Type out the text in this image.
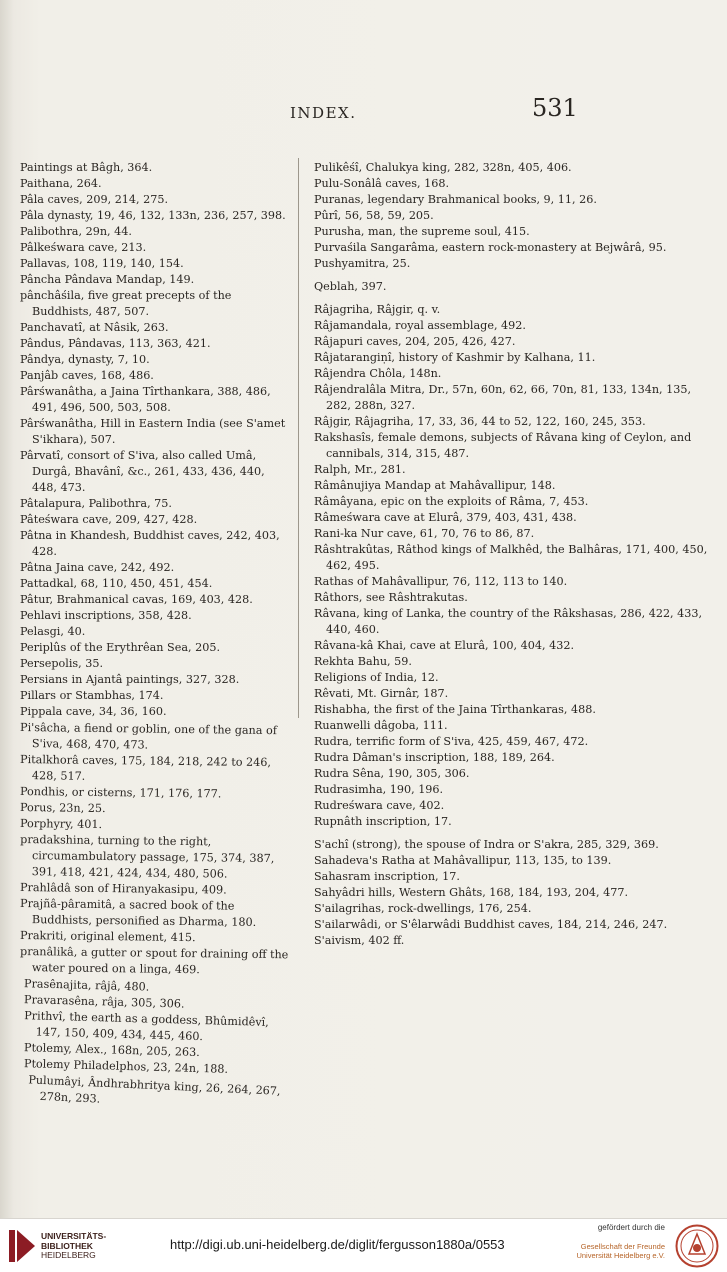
INDEX.	531

Paintings at Bâgh, 364.

Paithana, 264.

Pâla caves, 209, 214, 275.

Pâla dynasty, 19, 46, 132, 133n, 236, 257, 398.

Palibothra, 29n, 44.

Pâlkeśwara cave, 213.

Pallavas, 108, 119, 140, 154.

Pâncha Pândava Mandap, 149.

pânchâśila, five great precepts of the Buddhists, 487, 507.

Panchavatî, at Nâsik, 263.

Pândus, Pândavas, 113, 363, 421.

Pândya, dynasty, 7, 10.

Panjâb caves, 168, 486.

Pârśwanâtha, a Jaina Tîrthankara, 388, 486, 491, 496, 500, 503, 508.

Pârśwanâtha, Hill in Eastern India (see S'amet S'ikhara), 507.

Pârvatî, consort of S'iva, also called Umâ, Durgâ, Bhavânî, &c., 261, 433, 436, 440, 448, 473.

Pâtalapura, Palibothra, 75.

Pâteśwara cave, 209, 427, 428.

Pâtna in Khandesh, Buddhist caves, 242, 403, 428.

Pâtna Jaina cave, 242, 492.

Pattadkal, 68, 110, 450, 451, 454.

Pâtur, Brahmanical cavas, 169, 403, 428.

Pehlavi inscriptions, 358, 428.

Pelasgi, 40.

Periplûs of the Erythrêan Sea, 205.

Persepolis, 35.

Persians in Ajantâ paintings, 327, 328.

Pillars or Stambhas, 174.

Pippala cave, 34, 36, 160.

Pi'sâcha, a fiend or goblin, one of the gana of S'iva, 468, 470, 473.

Pitalkhorâ caves, 175, 184, 218, 242 to 246, 428, 517.

Pondhis, or cisterns, 171, 176, 177.

Porus, 23n, 25.

Porphyry, 401.

pradakshina, turning to the right, circumambulatory passage, 175, 374, 387, 391, 418, 421, 424, 434, 480, 506.

Prahlâdâ son of Hiranyakasipu, 409.

Prajñâ-pâramitâ, a sacred book of the Buddhists, personified as Dharma, 180.

Prakriti, original element, 415.

pranâlikâ, a gutter or spout for draining off the water poured on a linga, 469.

Prasênajita, râjâ, 480.

Pravarasêna, râja, 305, 306.

Prithvî, the earth as a goddess, Bhûmidêvî, 147, 150, 409, 434, 445, 460.

Ptolemy, Alex., 168n, 205, 263.

Ptolemy Philadelphos, 23, 24n, 188.

Pulumâyi, Ândhrabhritya king, 26, 264, 267, 278n, 293.

Pulikêśî, Chalukya king, 282, 328n, 405, 406.

Pulu-Sonâlâ caves, 168.

Puranas, legendary Brahmanical books, 9, 11, 26.

Pûrî, 56, 58, 59, 205.

Purusha, man, the supreme soul, 415.

Purvaśila Sangarâma, eastern rock-monastery at Bejwârâ, 95.

Pushyamitra, 25.

Qeblah, 397.

Râjagriha, Râjgir, q. v.

Râjamandala, royal assemblage, 492.

Râjapuri caves, 204, 205, 426, 427.

Râjatarangiṇî, history of Kashmir by Kalhana, 11.

Râjendra Chôla, 148n.

Râjendralâla Mitra, Dr., 57n, 60n, 62, 66, 70n, 81, 133, 134n, 135, 282, 288n, 327.

Râjgir, Râjagriha, 17, 33, 36, 44 to 52, 122, 160, 245, 353.

Rakshasîs, female demons, subjects of Râvana king of Ceylon, and cannibals, 314, 315, 487.

Ralph, Mr., 281.

Râmânujiya Mandap at Mahâvallipur, 148.

Râmâyana, epic on the exploits of Râma, 7, 453.

Râmeśwara cave at Elurâ, 379, 403, 431, 438.

Rani-ka Nur cave, 61, 70, 76 to 86, 87.

Râshtrakûtas, Râthod kings of Malkhêd, the Balhâras, 171, 400, 450, 462, 495.

Rathas of Mahâvallipur, 76, 112, 113 to 140.

Râthors, see Râshtrakutas.

Râvana, king of Lanka, the country of the Râkshasas, 286, 422, 433, 440, 460.

Râvana-kâ Khai, cave at Elurâ, 100, 404, 432.

Rekhta Bahu, 59.

Religions of India, 12.

Rêvati, Mt. Girnâr, 187.

Rishabha, the first of the Jaina Tîrthankaras, 488.

Ruanwelli dâgoba, 111.

Rudra, terrific form of S'iva, 425, 459, 467, 472.

Rudra Dâman's inscription, 188, 189, 264.

Rudra Sêna, 190, 305, 306.

Rudrasimha, 190, 196.

Rudreśwara cave, 402.

Rupnâth inscription, 17.

S'achî (strong), the spouse of Indra or S'akra, 285, 329, 369.

Sahadeva's Ratha at Mahâvallipur, 113, 135, to 139.

Sahasram inscription, 17.

Sahyâdri hills, Western Ghâts, 168, 184, 193, 204, 477.

S'ailagrihas, rock-dwellings, 176, 254.

S'ailarwâdi, or S'êlarwâdi Buddhist caves, 184, 214, 246, 247.

S'aivism, 402 ff.

UNIVERSITÄTS-
BIBLIOTHEK
HEIDELBERG
http://digi.ub.uni-heidelberg.de/diglit/fergusson1880a/0553
gefördert durch die
Gesellschaft der Freunde
Universität Heidelberg e.V.
